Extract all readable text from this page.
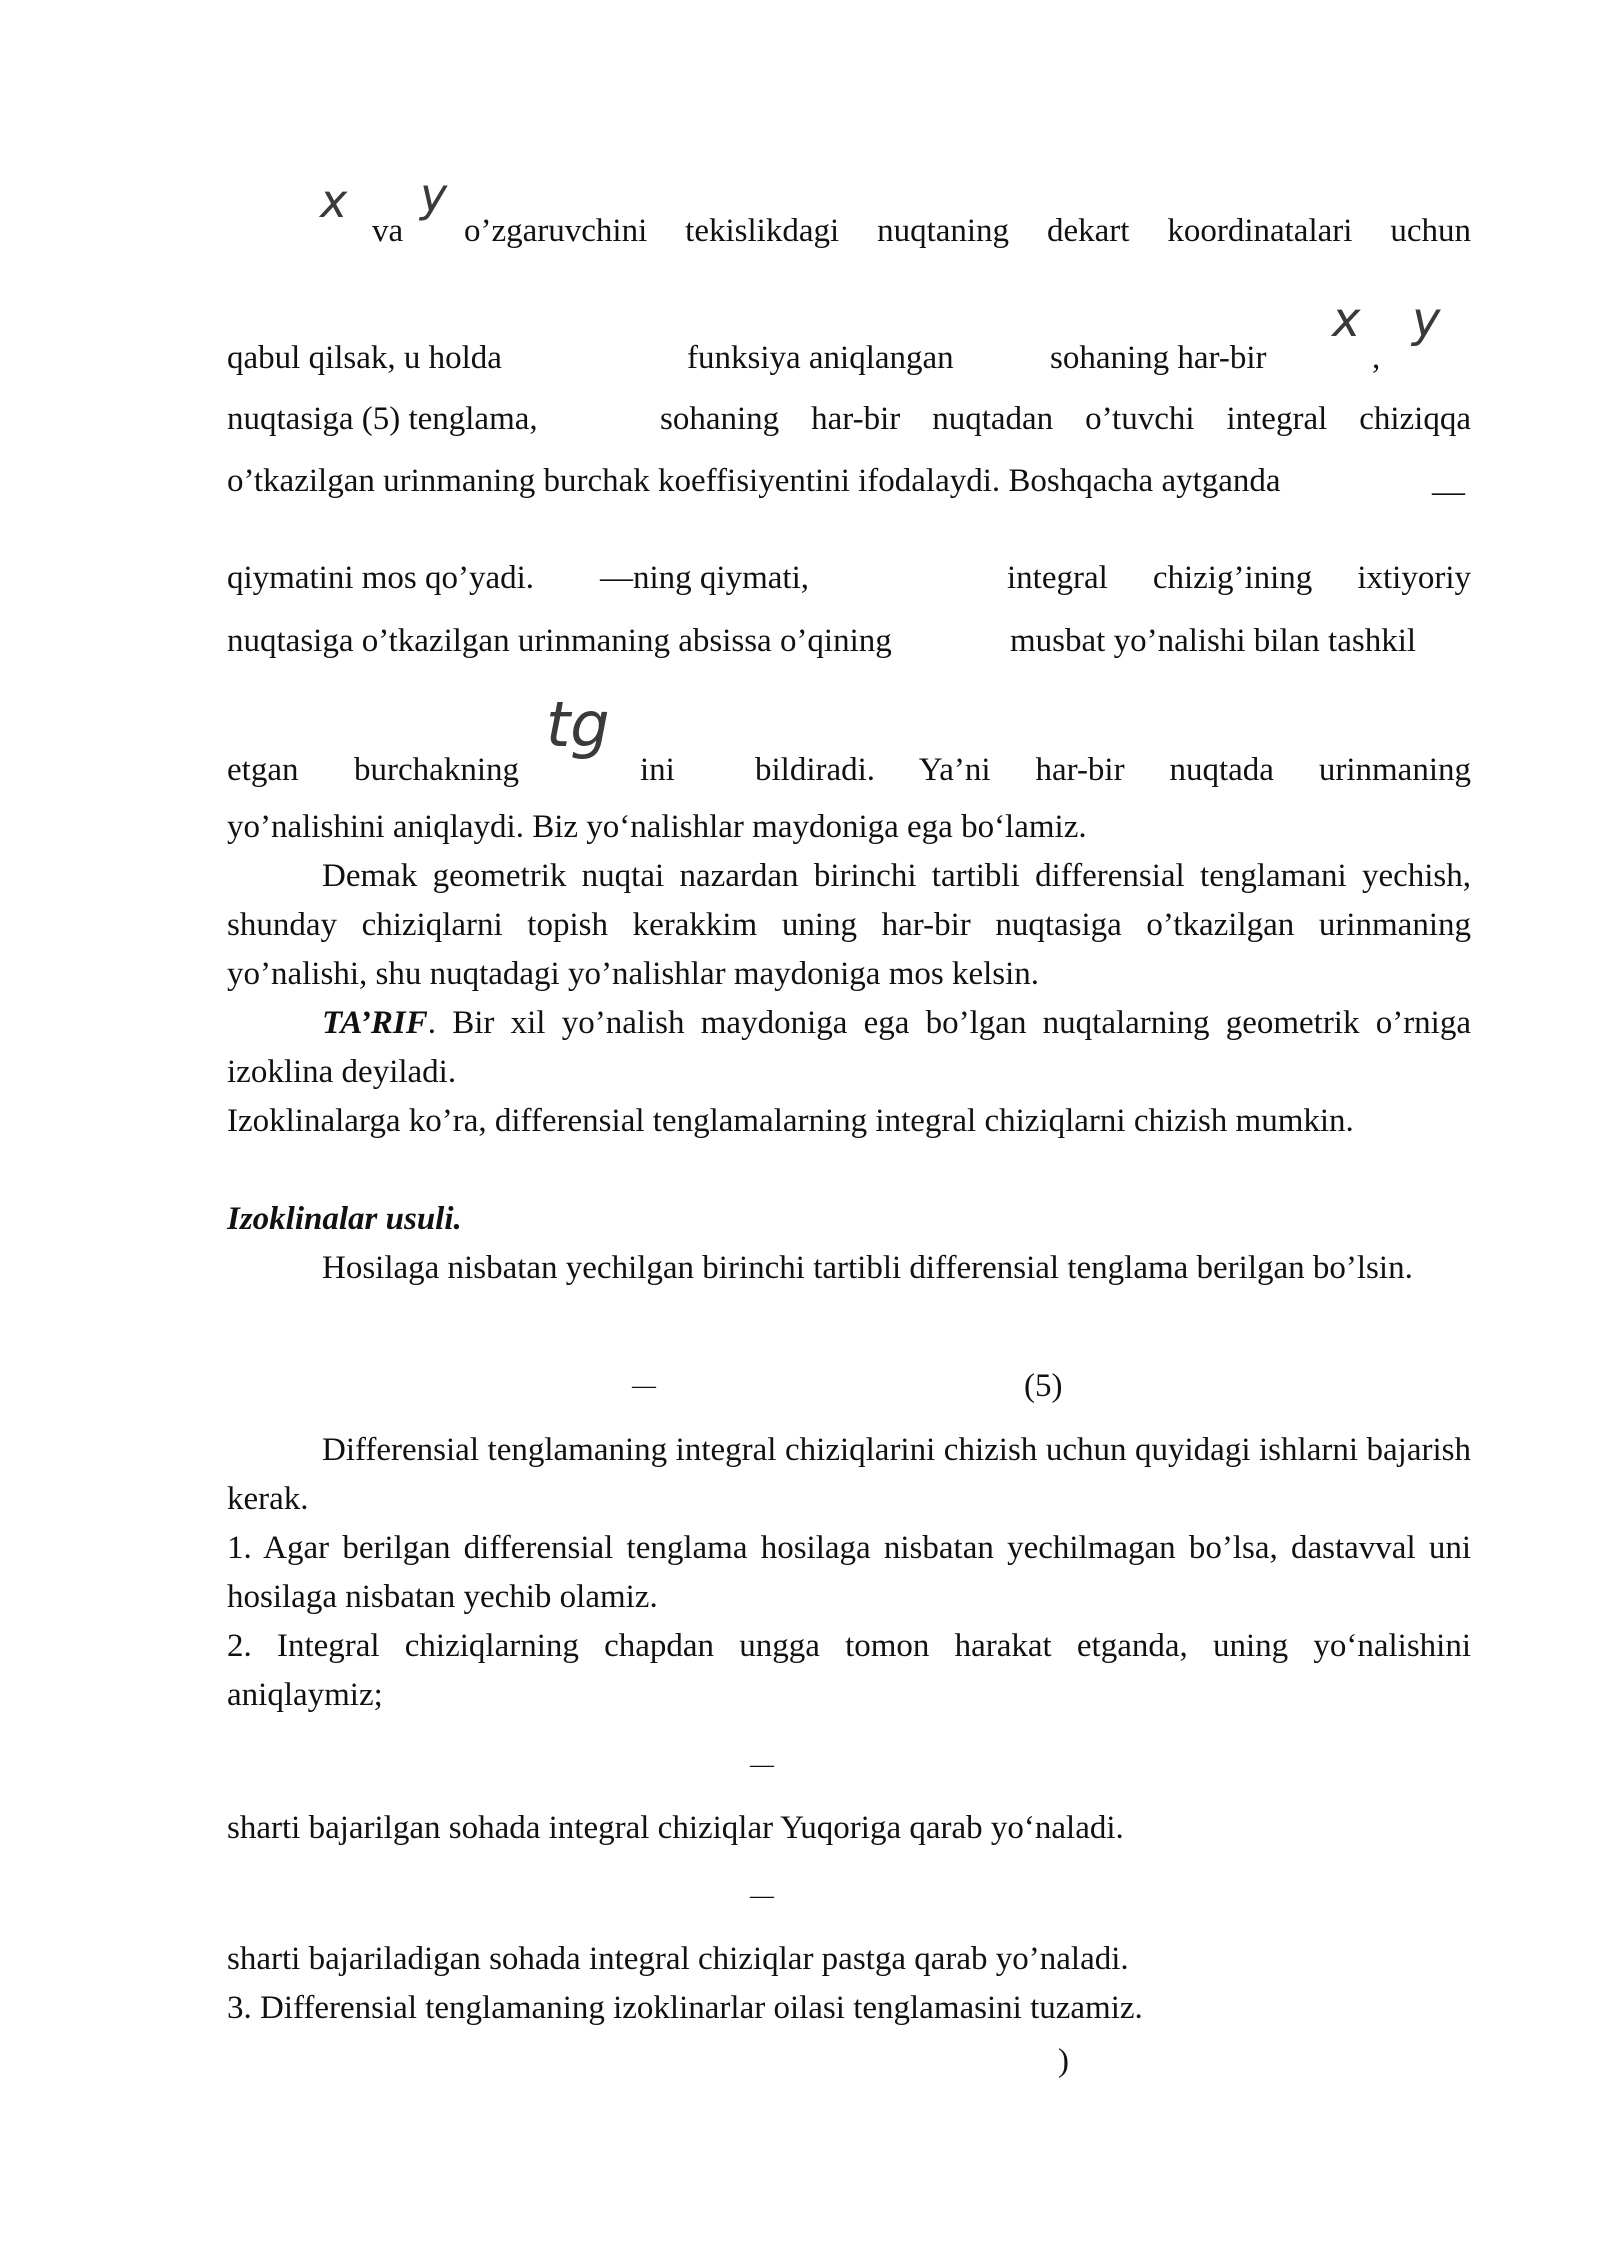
x
va
y
o’zgaruvchini tekislikdagi nuqtaning dekart koordinatalari uchun
qabul qilsak, u holda	funksiya aniqlangan	sohaning har-bir
x
,
y
nuqtasiga (5) tenglama,	sohaning har-bir nuqtadan o’tuvchi integral chiziqqa
o’tkazilgan urinmaning burchak koeffisiyentini ifodalaydi. Boshqacha aytganda	__
qiymatini mos qo’yadi. —ning qiymati,	integral chizig’ining ixtiyoriy
nuqtasiga o’tkazilgan urinmaning absissa o’qining	musbat yo’nalishi bilan tashkil
etgan burchakning
tg
ini bildiradi. Ya’ni har-bir nuqtada urinmaning
yo’nalishini aniqlaydi. Biz yo‘nalishlar maydoniga ega bo‘lamiz.

Demak geometrik nuqtai nazardan birinchi tartibli differensial tenglamani yechish, shunday chiziqlarni topish kerakkim uning har-bir nuqtasiga o’tkazilgan urinmaning yo’nalishi, shu nuqtadagi yo’nalishlar maydoniga mos kelsin.

TA’RIF. Bir xil yo’nalish maydoniga ega bo’lgan nuqtalarning geometrik o’rniga izoklina deyiladi.

Izoklinalarga ko’ra, differensial tenglamalarning integral chiziqlarni chizish mumkin.

Izoklinalar usuli.

Hosilaga nisbatan yechilgan birinchi tartibli differensial tenglama berilgan bo’lsin.

—	(5)

Differensial tenglamaning integral chiziqlarini chizish uchun quyidagi ishlarni bajarish kerak.

1. Agar berilgan differensial tenglama hosilaga nisbatan yechilmagan bo’lsa, dastavval uni hosilaga nisbatan yechib olamiz.

2. Integral chiziqlarning chapdan ungga tomon harakat etganda, uning yo‘nalishini aniqlaymiz;

—
sharti bajarilgan sohada integral chiziqlar Yuqoriga qarab yo‘naladi.
—
sharti bajariladigan sohada integral chiziqlar pastga qarab yo’naladi.
3. Differensial tenglamaning izoklinarlar oilasi tenglamasini tuzamiz.
)
